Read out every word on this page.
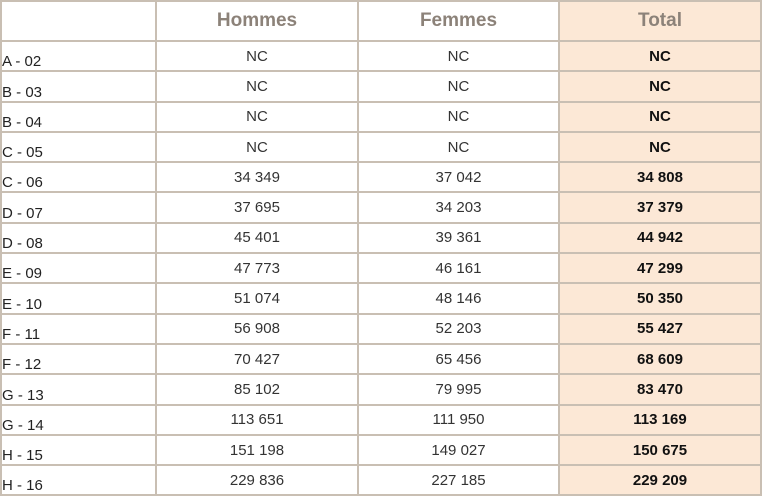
	Hommes	Femmes	Total
A - 02	NC	NC	NC
B - 03	NC	NC	NC
B - 04	NC	NC	NC
C - 05	NC	NC	NC
C - 06	34 349	37 042	34 808
D - 07	37 695	34 203	37 379
D - 08	45 401	39 361	44 942
E - 09	47 773	46 161	47 299
E - 10	51 074	48 146	50 350
F - 11	56 908	52 203	55 427
F - 12	70 427	65 456	68 609
G - 13	85 102	79 995	83 470
G - 14	113 651	111 950	113 169
H - 15	151 198	149 027	150 675
H - 16	229 836	227 185	229 209
